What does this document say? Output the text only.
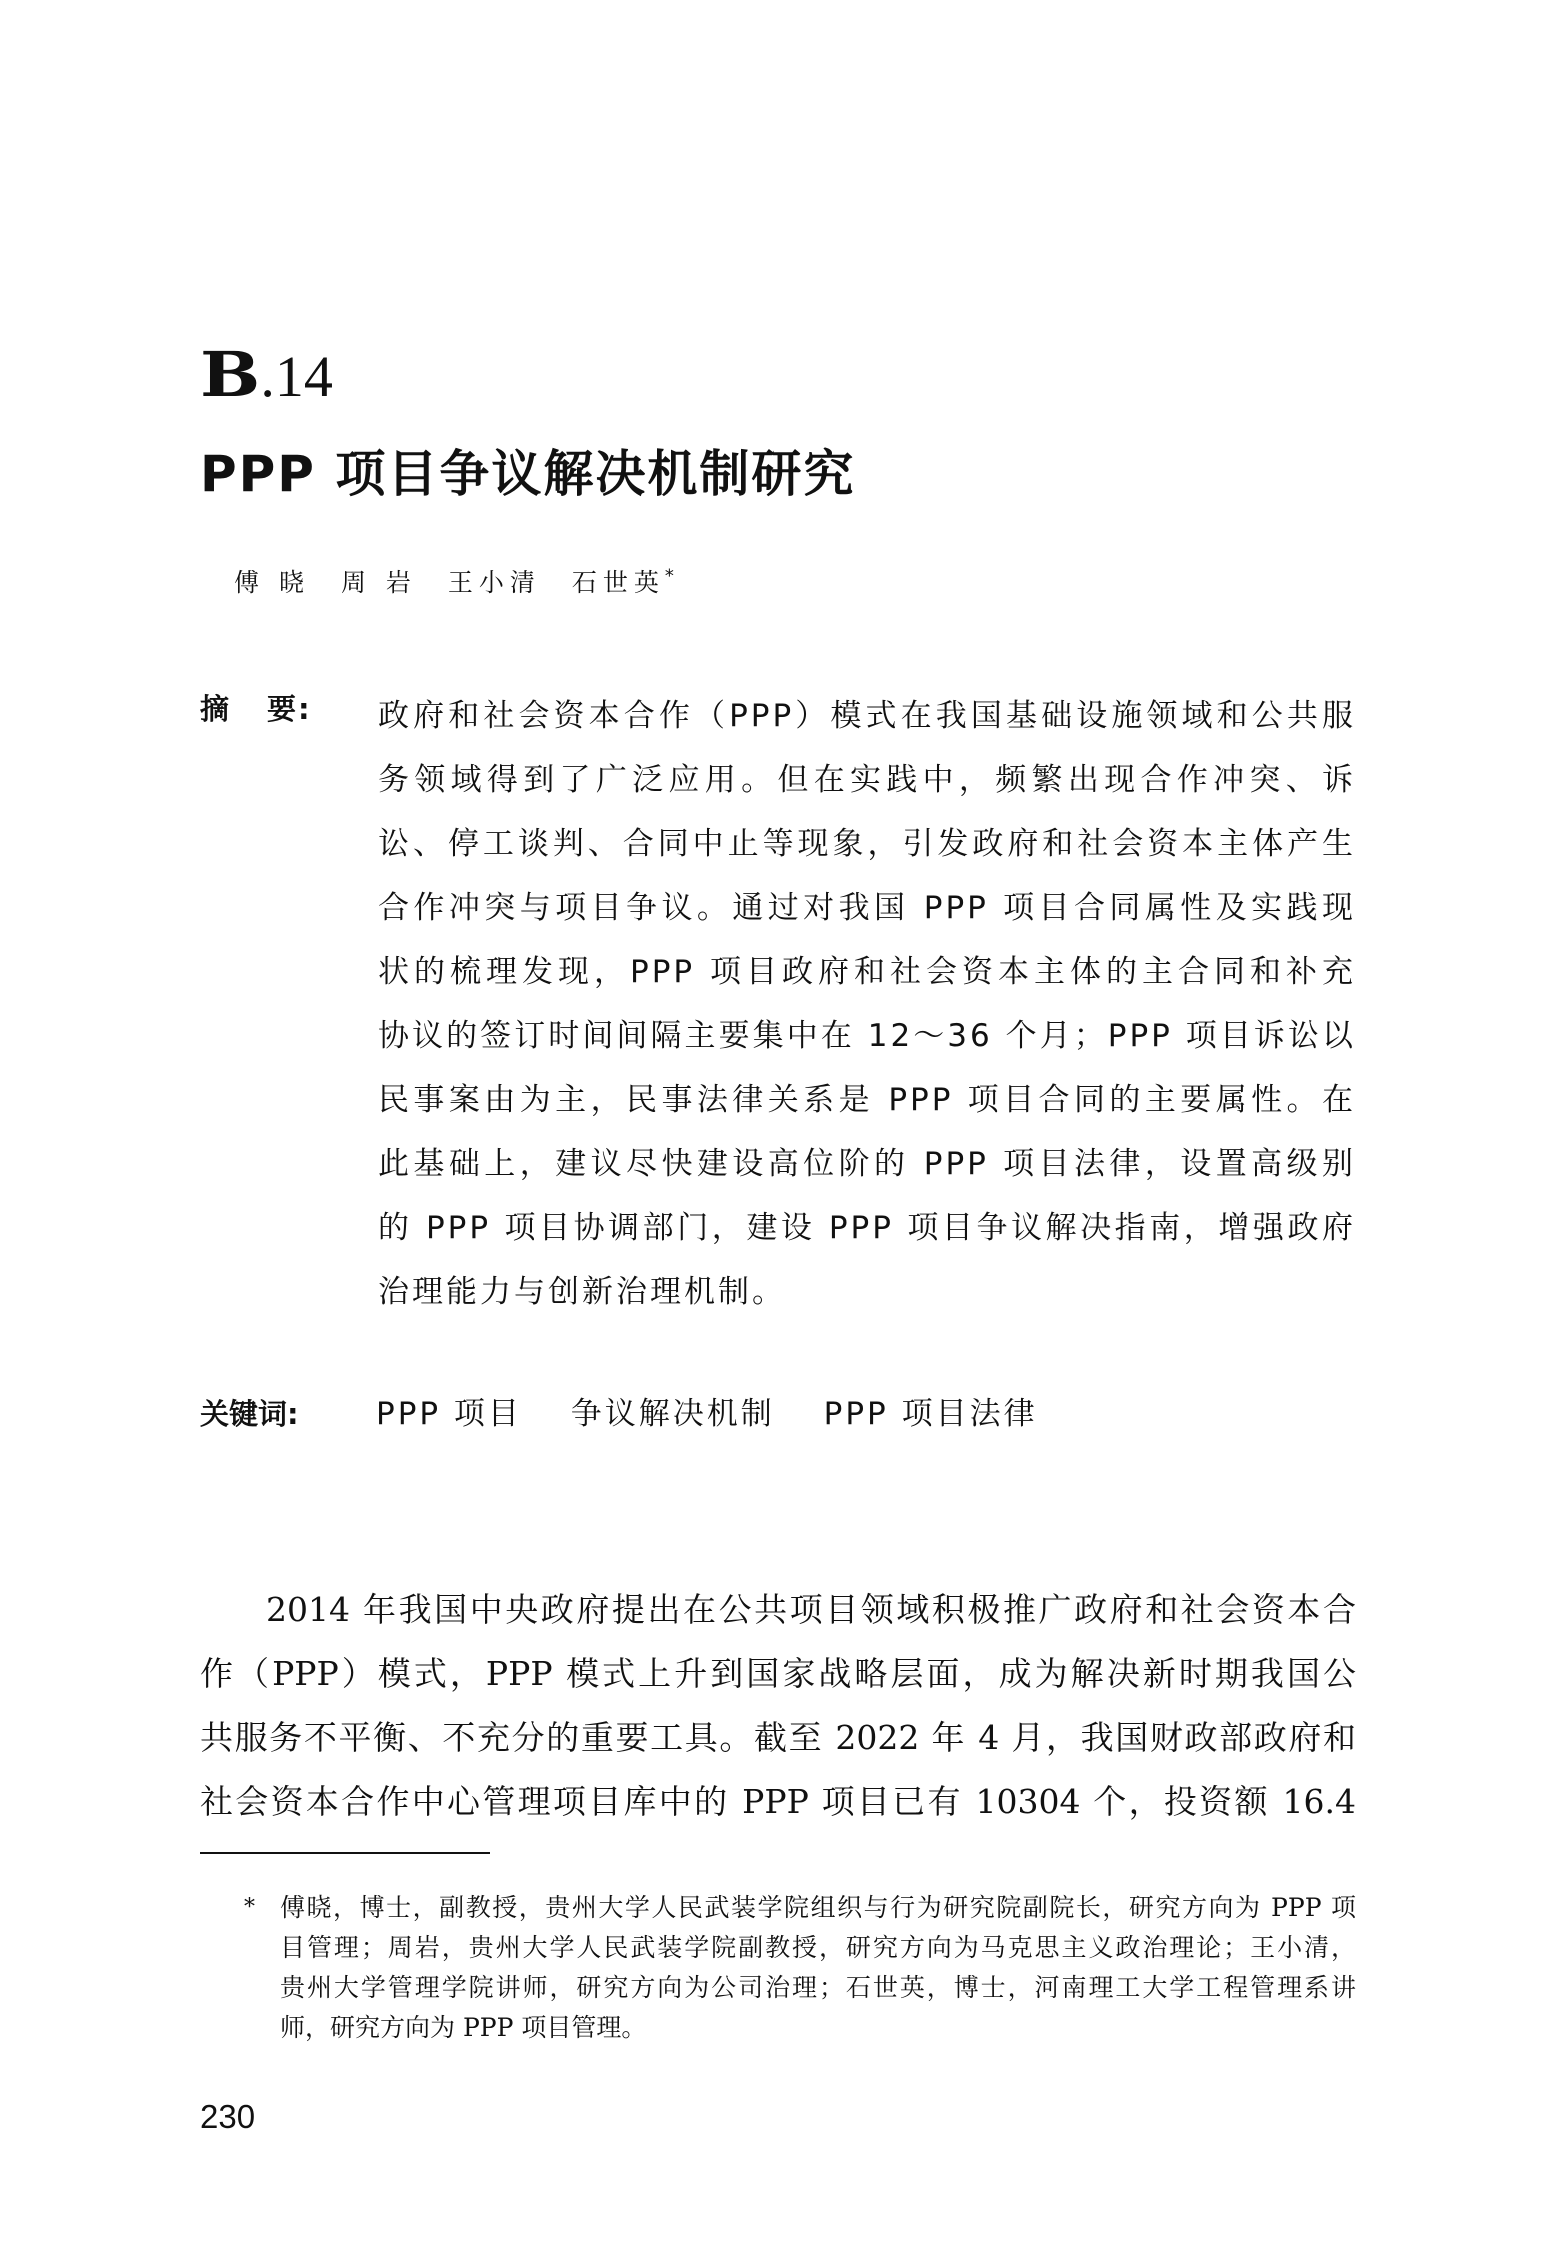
B .14
PPP 项目争议解决机制研究
傅 晓　周 岩　王小清　石世英*
摘 要: 政府和社会资本合作（PPP）模式在我国基础设施领域和公共服
务领域得到了广泛应用。但在实践中，频繁出现合作冲突、诉
讼、停工谈判、合同中止等现象，引发政府和社会资本主体产生
合作冲突与项目争议。通过对我国 PPP 项目合同属性及实践现
状的梳理发现，PPP 项目政府和社会资本主体的主合同和补充
协议的签订时间间隔主要集中在 12～36 个月；PPP 项目诉讼以
民事案由为主，民事法律关系是 PPP 项目合同的主要属性。在
此基础上，建议尽快建设高位阶的 PPP 项目法律，设置高级别
的 PPP 项目协调部门，建设 PPP 项目争议解决指南，增强政府
治理能力与创新治理机制。
关键词: PPP 项目 争议解决机制 PPP 项目法律
2014 年我国中央政府提出在公共项目领域积极推广政府和社会资本合
作（PPP）模式，PPP 模式上升到国家战略层面，成为解决新时期我国公
共服务不平衡、不充分的重要工具。截至 2022 年 4 月，我国财政部政府和
社会资本合作中心管理项目库中的 PPP 项目已有 10304 个，投资额 16.4
* 傅晓，博士，副教授，贵州大学人民武装学院组织与行为研究院副院长，研究方向为 PPP 项
目管理；周岩，贵州大学人民武装学院副教授，研究方向为马克思主义政治理论；王小清，
贵州大学管理学院讲师，研究方向为公司治理；石世英，博士，河南理工大学工程管理系讲
师，研究方向为 PPP 项目管理。
230
